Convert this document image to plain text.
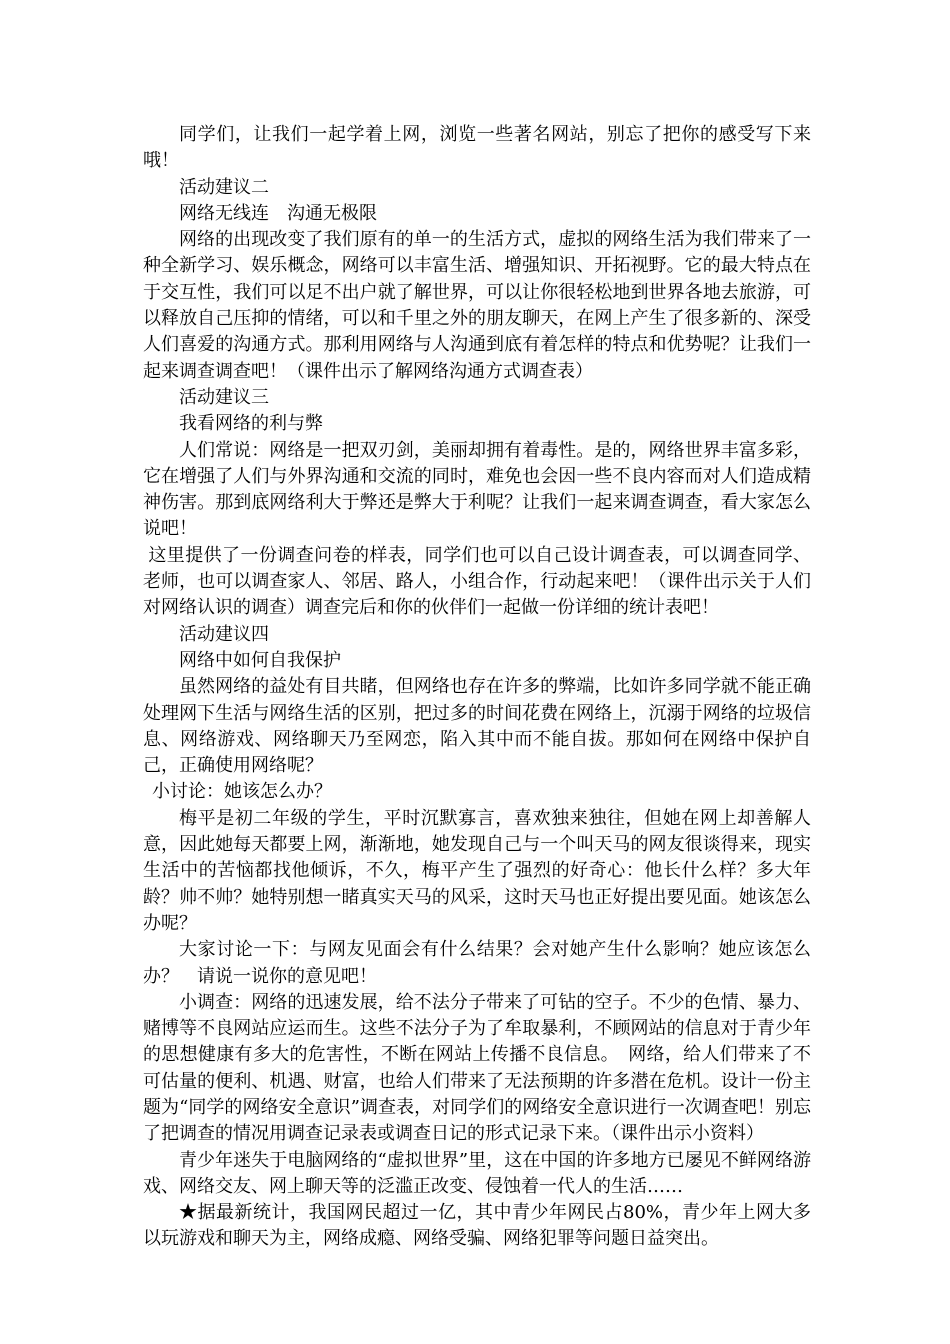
同学们，让我们一起学着上网，浏览一些著名网站，别忘了把你的感受写下来哦！

活动建议二

网络无线连　沟通无极限

网络的出现改变了我们原有的单一的生活方式，虚拟的网络生活为我们带来了一种全新学习、娱乐概念，网络可以丰富生活、增强知识、开拓视野。它的最大特点在于交互性，我们可以足不出户就了解世界，可以让你很轻松地到世界各地去旅游，可以释放自己压抑的情绪，可以和千里之外的朋友聊天，在网上产生了很多新的、深受人们喜爱的沟通方式。那利用网络与人沟通到底有着怎样的特点和优势呢？让我们一起来调查调查吧！（课件出示了解网络沟通方式调查表）

活动建议三

我看网络的利与弊

人们常说：网络是一把双刃剑，美丽却拥有着毒性。是的，网络世界丰富多彩，它在增强了人们与外界沟通和交流的同时，难免也会因一些不良内容而对人们造成精神伤害。那到底网络利大于弊还是弊大于利呢？让我们一起来调查调查，看大家怎么说吧！

这里提供了一份调查问卷的样表，同学们也可以自己设计调查表，可以调查同学、老师，也可以调查家人、邻居、路人，小组合作，行动起来吧！（课件出示关于人们对网络认识的调查）调查完后和你的伙伴们一起做一份详细的统计表吧！

活动建议四

网络中如何自我保护

虽然网络的益处有目共睹，但网络也存在许多的弊端，比如许多同学就不能正确处理网下生活与网络生活的区别，把过多的时间花费在网络上，沉溺于网络的垃圾信息、网络游戏、网络聊天乃至网恋，陷入其中而不能自拔。那如何在网络中保护自己，正确使用网络呢？

小讨论：她该怎么办？

梅平是初二年级的学生，平时沉默寡言，喜欢独来独往，但她在网上却善解人意，因此她每天都要上网，渐渐地，她发现自己与一个叫天马的网友很谈得来，现实生活中的苦恼都找他倾诉，不久，梅平产生了强烈的好奇心：他长什么样？多大年龄？帅不帅？她特别想一睹真实天马的风采，这时天马也正好提出要见面。她该怎么办呢？

大家讨论一下：与网友见面会有什么结果？会对她产生什么影响？她应该怎么办？　请说一说你的意见吧！

小调查：网络的迅速发展，给不法分子带来了可钻的空子。不少的色情、暴力、赌博等不良网站应运而生。这些不法分子为了牟取暴利，不顾网站的信息对于青少年的思想健康有多大的危害性，不断在网站上传播不良信息。　网络，给人们带来了不可估量的便利、机遇、财富，也给人们带来了无法预期的许多潜在危机。设计一份主题为“同学的网络安全意识”调查表，对同学们的网络安全意识进行一次调查吧！别忘了把调查的情况用调查记录表或调查日记的形式记录下来。（课件出示小资料）

青少年迷失于电脑网络的“虚拟世界”里，这在中国的许多地方已屡见不鲜网络游戏、网络交友、网上聊天等的泛滥正改变、侵蚀着一代人的生活……

★据最新统计，我国网民超过一亿，其中青少年网民占80%，青少年上网大多以玩游戏和聊天为主，网络成瘾、网络受骗、网络犯罪等问题日益突出。
